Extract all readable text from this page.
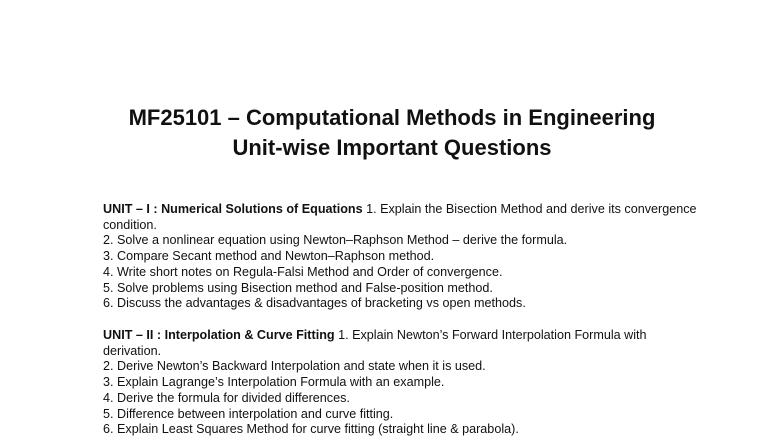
MF25101 – Computational Methods in Engineering
Unit-wise Important Questions
UNIT – I : Numerical Solutions of Equations 1. Explain the Bisection Method and derive its convergence condition.
2. Solve a nonlinear equation using Newton–Raphson Method – derive the formula.
3. Compare Secant method and Newton–Raphson method.
4. Write short notes on Regula-Falsi Method and Order of convergence.
5. Solve problems using Bisection method and False-position method.
6. Discuss the advantages & disadvantages of bracketing vs open methods.
UNIT – II : Interpolation & Curve Fitting 1. Explain Newton’s Forward Interpolation Formula with derivation.
2. Derive Newton’s Backward Interpolation and state when it is used.
3. Explain Lagrange’s Interpolation Formula with an example.
4. Derive the formula for divided differences.
5. Difference between interpolation and curve fitting.
6. Explain Least Squares Method for curve fitting (straight line & parabola).
